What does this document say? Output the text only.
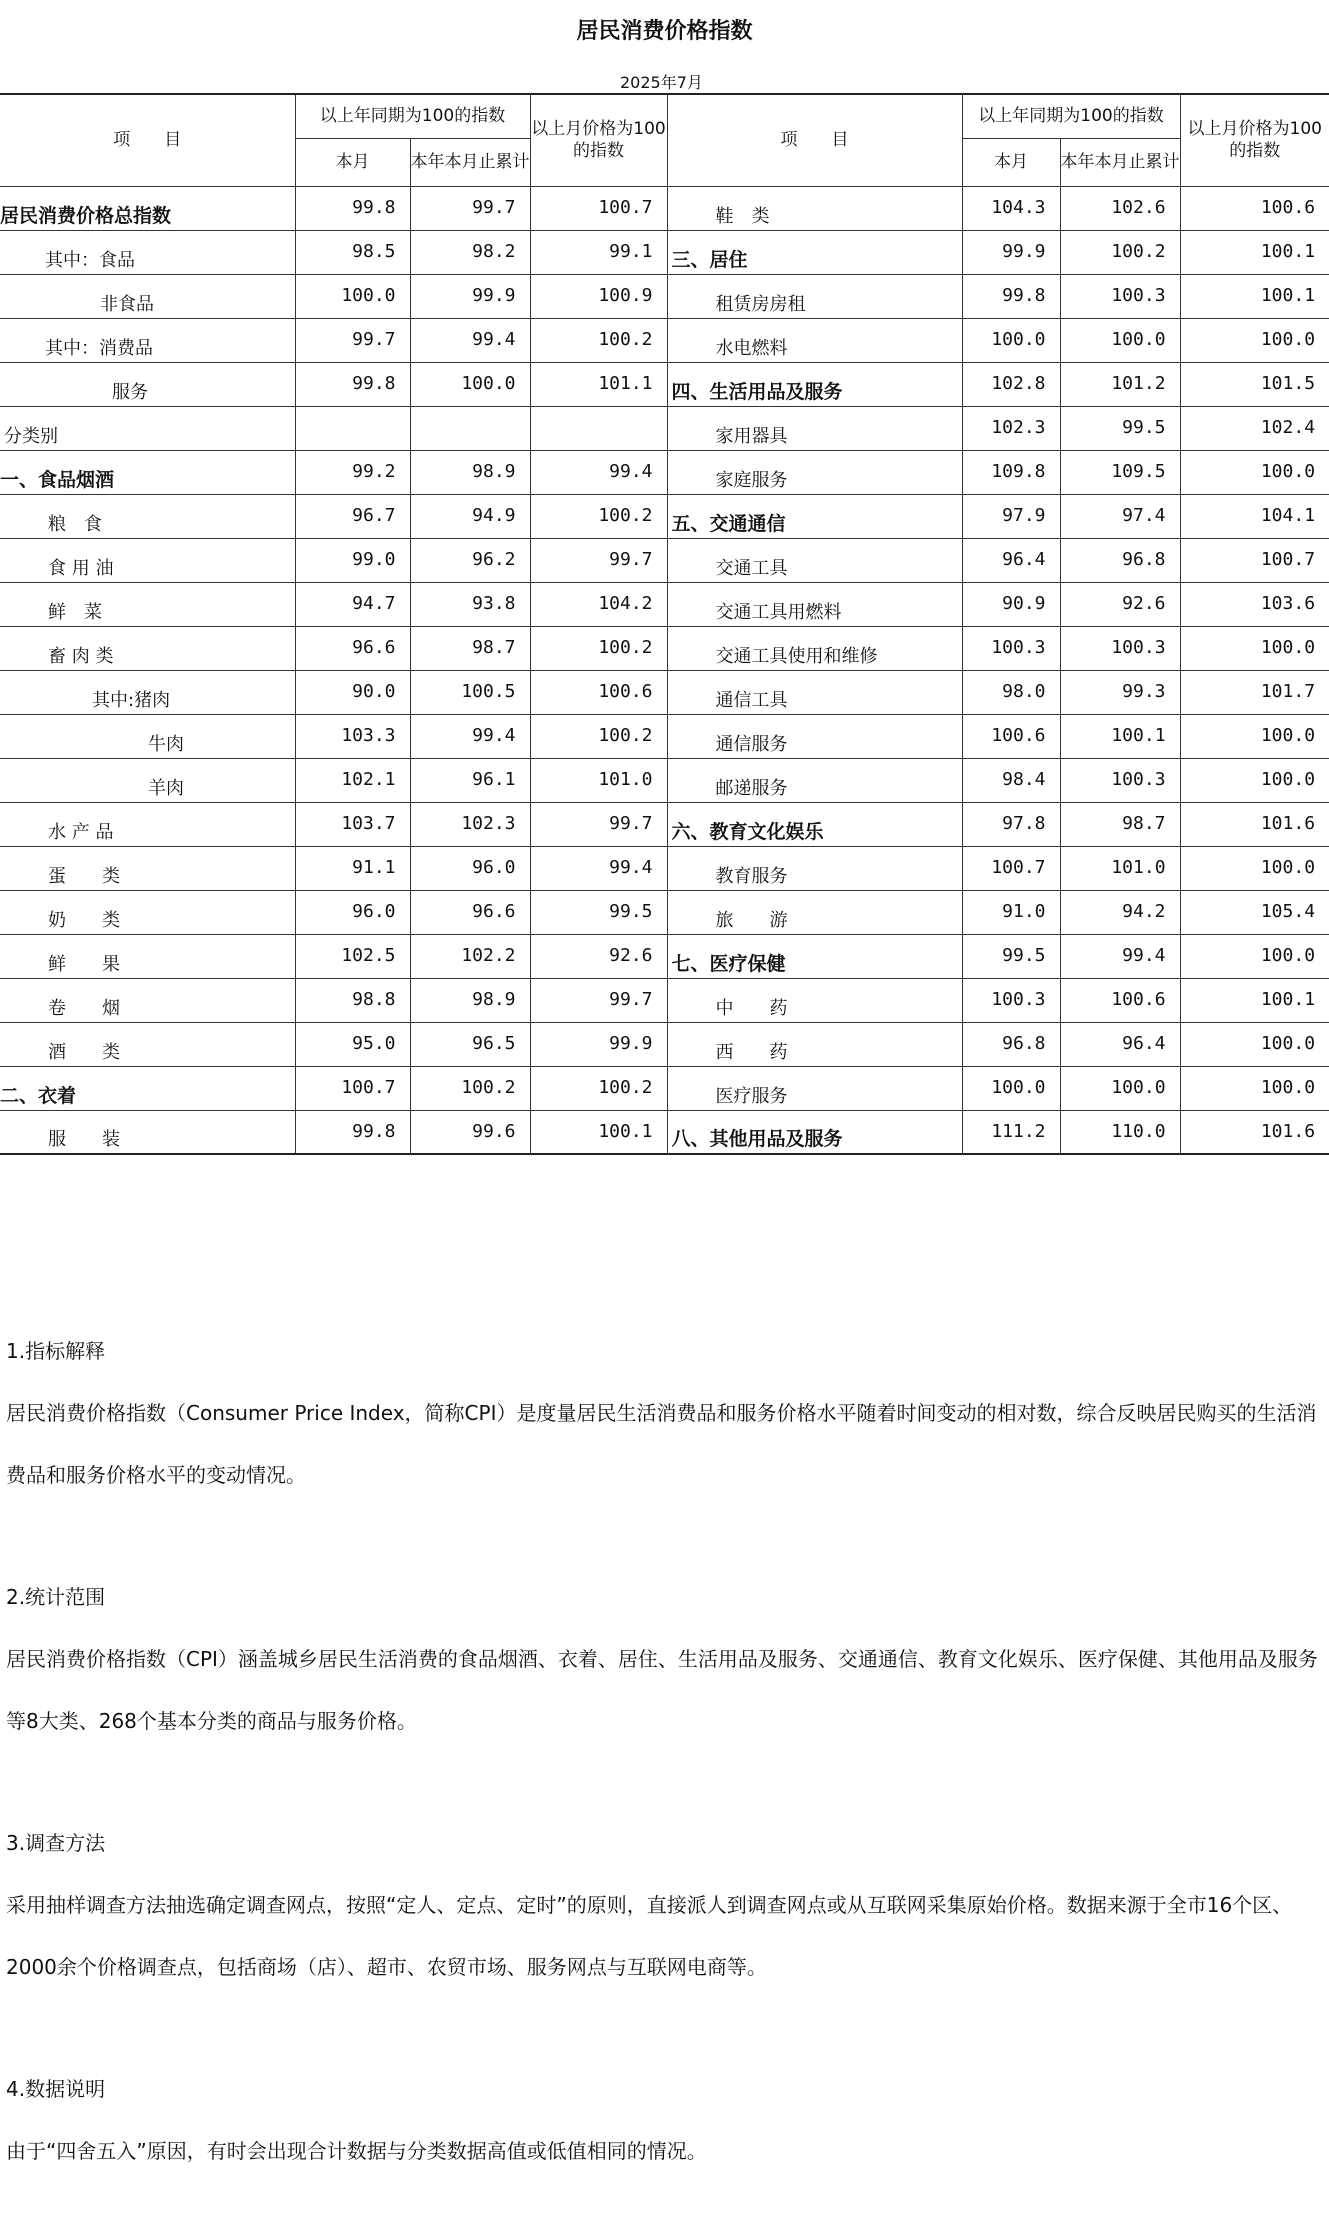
居民消费价格指数
2025年7月
项　　目	以上年同期为100的指数		以上月价格为100的指数	项　　目	以上年同期为100的指数		以上月价格为100的指数
	本月	本年本月止累计			本月	本年本月止累计	
居民消费价格总指数	99.8	99.7	100.7	鞋　类	104.3	102.6	100.6
其中：食品	98.5	98.2	99.1	三、居住	99.9	100.2	100.1
非食品	100.0	99.9	100.9	租赁房房租	99.8	100.3	100.1
其中：消费品	99.7	99.4	100.2	水电燃料	100.0	100.0	100.0
服务	99.8	100.0	101.1	四、生活用品及服务	102.8	101.2	101.5
分类别				家用器具	102.3	99.5	102.4
一、食品烟酒	99.2	98.9	99.4	家庭服务	109.8	109.5	100.0
粮　食	96.7	94.9	100.2	五、交通通信	97.9	97.4	104.1
食 用 油	99.0	96.2	99.7	交通工具	96.4	96.8	100.7
鲜　菜	94.7	93.8	104.2	交通工具用燃料	90.9	92.6	103.6
畜 肉 类	96.6	98.7	100.2	交通工具使用和维修	100.3	100.3	100.0
其中:猪肉	90.0	100.5	100.6	通信工具	98.0	99.3	101.7
牛肉	103.3	99.4	100.2	通信服务	100.6	100.1	100.0
羊肉	102.1	96.1	101.0	邮递服务	98.4	100.3	100.0
水 产 品	103.7	102.3	99.7	六、教育文化娱乐	97.8	98.7	101.6
蛋　　类	91.1	96.0	99.4	教育服务	100.7	101.0	100.0
奶　　类	96.0	96.6	99.5	旅　　游	91.0	94.2	105.4
鲜　　果	102.5	102.2	92.6	七、医疗保健	99.5	99.4	100.0
卷　　烟	98.8	98.9	99.7	中　　药	100.3	100.6	100.1
酒　　类	95.0	96.5	99.9	西　　药	96.8	96.4	100.0
二、衣着	100.7	100.2	100.2	医疗服务	100.0	100.0	100.0
服　　装	99.8	99.6	100.1	八、其他用品及服务	111.2	110.0	101.6

1.指标解释

居民消费价格指数（Consumer Price Index，简称CPI）是度量居民生活消费品和服务价格水平随着时间变动的相对数，综合反映居民购买的生活消费品和服务价格水平的变动情况。

2.统计范围

居民消费价格指数（CPI）涵盖城乡居民生活消费的食品烟酒、衣着、居住、生活用品及服务、交通通信、教育文化娱乐、医疗保健、其他用品及服务等8大类、268个基本分类的商品与服务价格。

3.调查方法

采用抽样调查方法抽选确定调查网点，按照“定人、定点、定时”的原则，直接派人到调查网点或从互联网采集原始价格。数据来源于全市16个区、2000余个价格调查点，包括商场（店）、超市、农贸市场、服务网点与互联网电商等。

4.数据说明

由于“四舍五入”原因，有时会出现合计数据与分类数据高值或低值相同的情况。
